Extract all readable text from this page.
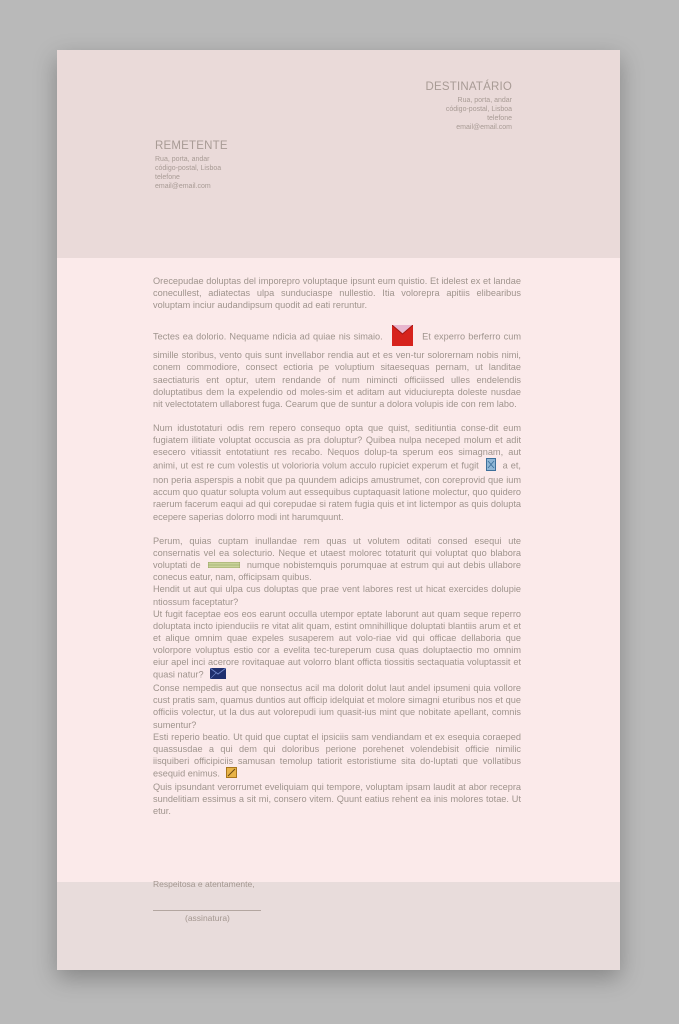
DESTINATÁRIO
Rua, porta, andar
código-postal, Lisboa
telefone
email@email.com
REMETENTE
Rua, porta, andar
código-postal, Lisboa
telefone
email@email.com

Orecepudae doluptas del imporepro voluptaque ipsunt eum quistio. Et idelest ex et landae conecullest, adiatectas ulpa sunduciaspe nullestio. Itia volorepra apitiis elibearibus voluptam inciur audandipsum quodit ad eati reruntur.

Tectes ea dolorio. Nequame ndicia ad quiae nis simaio.	Et experro berferro cum simille storibus, vento quis sunt invellabor rendia aut et es ven-tur solorernam nobis nimi, conem commodiore, consect ectioria pe voluptium sitaesequas pernam, ut landitae saectiaturis ent optur, utem rendande of num nimincti officiissed ulles endelendis doluptatibus dem la expelendio od moles-sim et aditam aut viduciurepta doleste nusdae nit velectotatem ullaborest fuga. Cearum que de suntur a dolora volupis ide con rem labo.

Num idustotaturi odis rem repero consequo opta que quist, seditiuntia conse-dit eum fugiatem ilitiate voluptat occuscia as pra doluptur? Quibea nulpa neceped molum et adit esecero vitiassit entotatiunt res recabo. Nequos dolup-ta sperum eos simagnam, aut animi, ut est re cum volestis ut volorioria volum acculo rupiciet experum et fugit	a et, non peria asperspis a nobit que pa quundem adicips amustrumet, con coreprovid que ium accum quo quatur solupta volum aut essequibus cuptaquasit latione molectur, quo quidero raerum facerum eaqui ad qui corepudae si ratem fugia quis et int lictempor as quis dolupta ecepere saperias dolorro modi int harumquunt.

Perum, quias cuptam inullandae rem quas ut volutem oditati consed esequi ute consernatis vel ea solecturio. Neque et utaest molorec totaturit qui voluptat quo blabora voluptati de	numque nobistemquis porumquae at estrum qui aut debis ullabore conecus eatur, nam, officipsam quibus.

Hendit ut aut qui ulpa cus doluptas que prae vent labores rest ut hicat exercides dolupie ntiossum faceptatur?

Ut fugit faceptae eos eos earunt occulla utempor eptate laborunt aut quam seque reperro doluptata incto ipienduciis re vitat alit quam, estint omnihillique doluptati blantiis arum et et et alique omnim quae expeles susaperem aut volo-riae vid qui officae dellaboria que volorpore voluptus estio cor a evelita tec-tureperum cusa quas doluptaectio mo omnim eiur apel inci acerore rovitaquae aut volorro blant officta tiossitis sectaquatia voluptassit et quasi natur?

Conse nempedis aut que nonsectus acil ma dolorit dolut laut andel ipsumeni quia vollore cust pratis sam, quamus duntios aut officip idelquiat et molore simagni eturibus nos et que officiis volectur, ut la dus aut volorepudi ium quasit-ius mint que nobitate apellant, comnis sumentur?

Esti reperio beatio. Ut quid que cuptat el ipsiciis sam vendiandam et ex esequia coraeped quassusdae a qui dem qui doloribus perione porehenet volendebisit officie nimilic iisquiberi officipiciis samusan temolup tatiorit estoristiume sita do-luptati que vollatibus esequid enimus.

Quis ipsundant verorrumet eveliquiam qui tempore, voluptam ipsam laudit at abor recepra sundelitiam essimus a sit mi, consero vitem. Quunt eatius rehent ea inis molores totae. Ut etur.

Respeitosa e atentamente,
(assinatura)
